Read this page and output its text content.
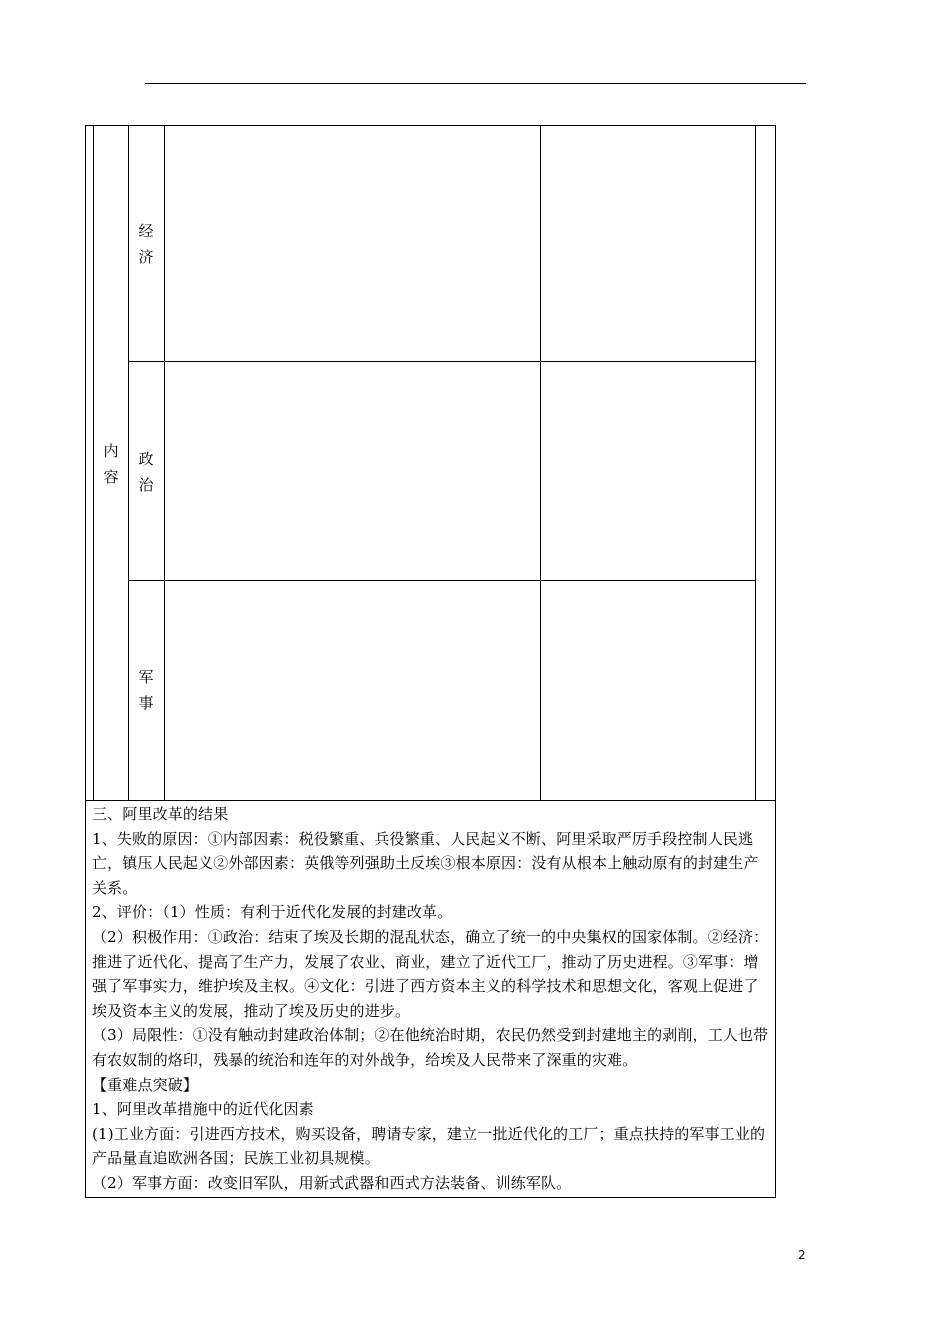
内容
经济
政治
军事

三、阿里改革的结果

1、失败的原因：①内部因素：税役繁重、兵役繁重、人民起义不断、阿里采取严厉手段控制人民逃亡，镇压人民起义②外部因素：英俄等列强助土反埃③根本原因：没有从根本上触动原有的封建生产关系。

2、评价：（1）性质：有利于近代化发展的封建改革。

（2）积极作用：①政治：结束了埃及长期的混乱状态，确立了统一的中央集权的国家体制。②经济：推进了近代化、提高了生产力，发展了农业、商业，建立了近代工厂，推动了历史进程。③军事：增强了军事实力，维护埃及主权。④文化：引进了西方资本主义的科学技术和思想文化，客观上促进了埃及资本主义的发展，推动了埃及历史的进步。

（3）局限性：①没有触动封建政治体制；②在他统治时期，农民仍然受到封建地主的剥削，工人也带有农奴制的烙印，残暴的统治和连年的对外战争，给埃及人民带来了深重的灾难。

【重难点突破】

1、阿里改革措施中的近代化因素

(1)工业方面：引进西方技术，购买设备，聘请专家，建立一批近代化的工厂；重点扶持的军事工业的产品量直追欧洲各国；民族工业初具规模。

（2）军事方面：改变旧军队，用新式武器和西式方法装备、训练军队。

2
